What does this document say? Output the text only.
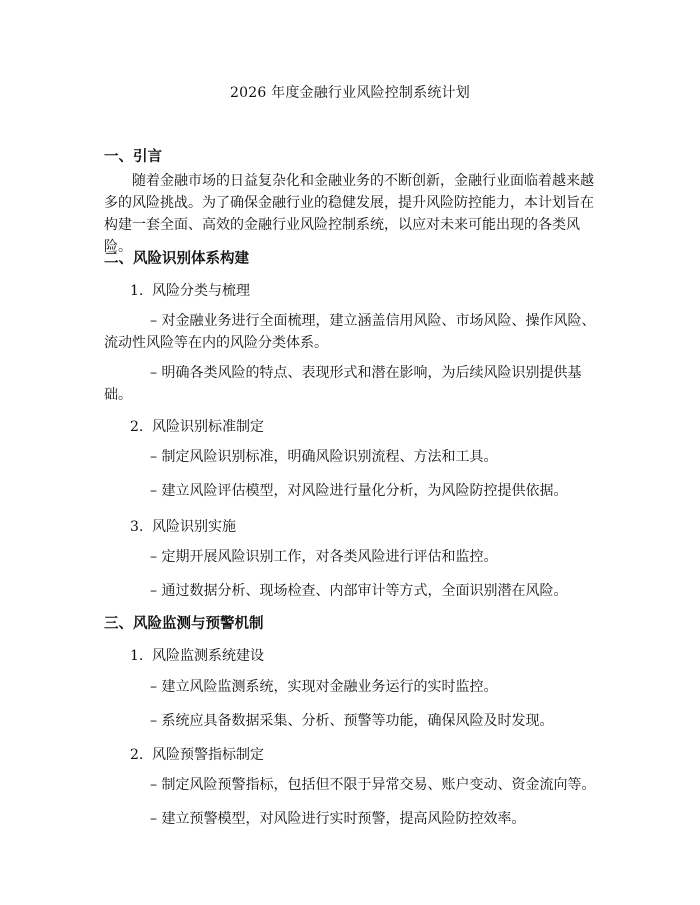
2026 年度金融行业风险控制系统计划
一、引言
随着金融市场的日益复杂化和金融业务的不断创新，金融行业面临着越来越多的风险挑战。为了确保金融行业的稳健发展，提升风险防控能力，本计划旨在构建一套全面、高效的金融行业风险控制系统，以应对未来可能出现的各类风险。
二、风险识别体系构建
1. 风险分类与梳理
– 对金融业务进行全面梳理，建立涵盖信用风险、市场风险、操作风险、流动性风险等在内的风险分类体系。
– 明确各类风险的特点、表现形式和潜在影响，为后续风险识别提供基础。
2. 风险识别标准制定
– 制定风险识别标准，明确风险识别流程、方法和工具。
– 建立风险评估模型，对风险进行量化分析，为风险防控提供依据。
3. 风险识别实施
– 定期开展风险识别工作，对各类风险进行评估和监控。
– 通过数据分析、现场检查、内部审计等方式，全面识别潜在风险。
三、风险监测与预警机制
1. 风险监测系统建设
– 建立风险监测系统，实现对金融业务运行的实时监控。
– 系统应具备数据采集、分析、预警等功能，确保风险及时发现。
2. 风险预警指标制定
– 制定风险预警指标，包括但不限于异常交易、账户变动、资金流向等。
– 建立预警模型，对风险进行实时预警，提高风险防控效率。
